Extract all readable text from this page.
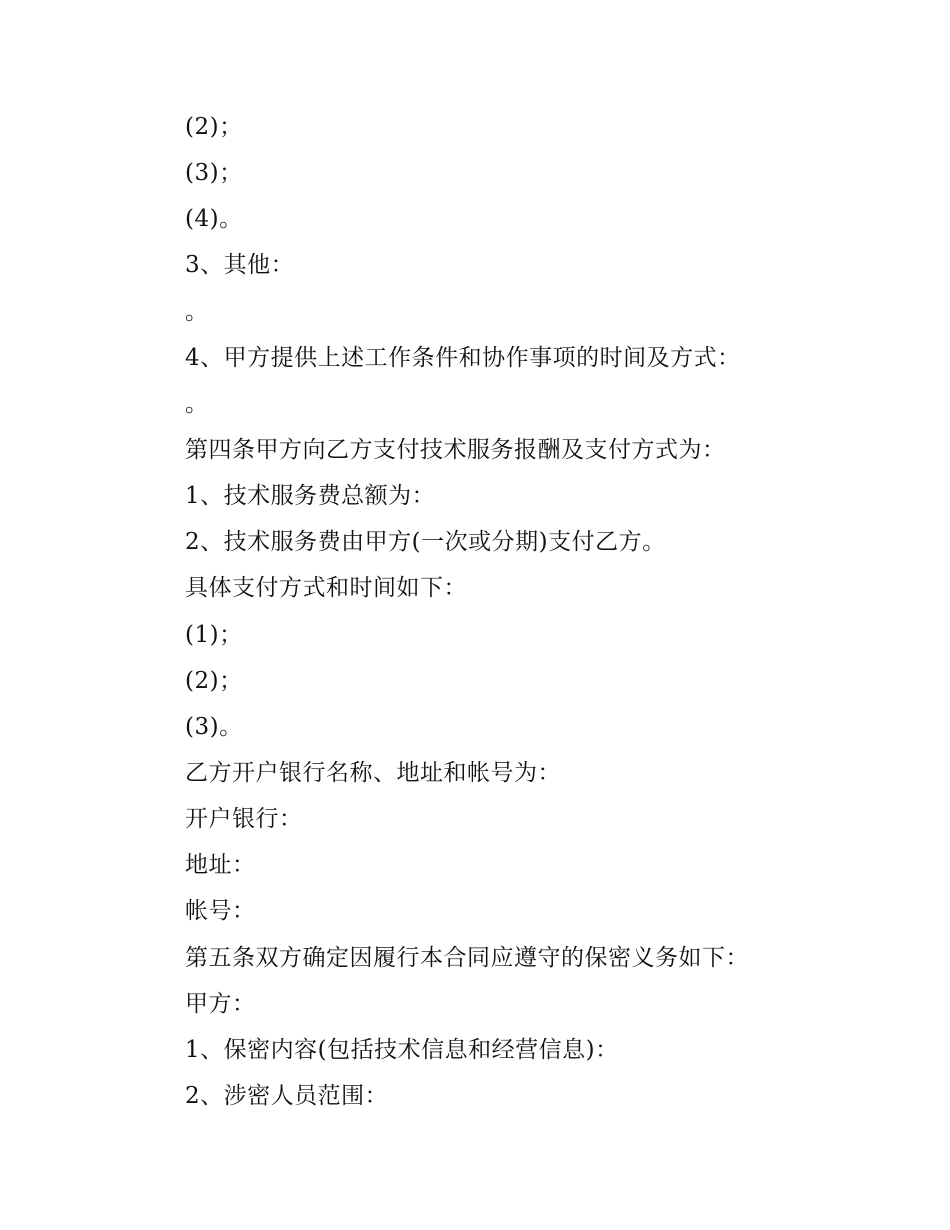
(2)；
(3)；
(4)。
3、其他：
。
4、甲方提供上述工作条件和协作事项的时间及方式：
。
第四条甲方向乙方支付技术服务报酬及支付方式为：
1、技术服务费总额为：
2、技术服务费由甲方(一次或分期)支付乙方。
具体支付方式和时间如下：
(1)；
(2)；
(3)。
乙方开户银行名称、地址和帐号为：
开户银行：
地址：
帐号：
第五条双方确定因履行本合同应遵守的保密义务如下：
甲方：
1、保密内容(包括技术信息和经营信息)：
2、涉密人员范围：
